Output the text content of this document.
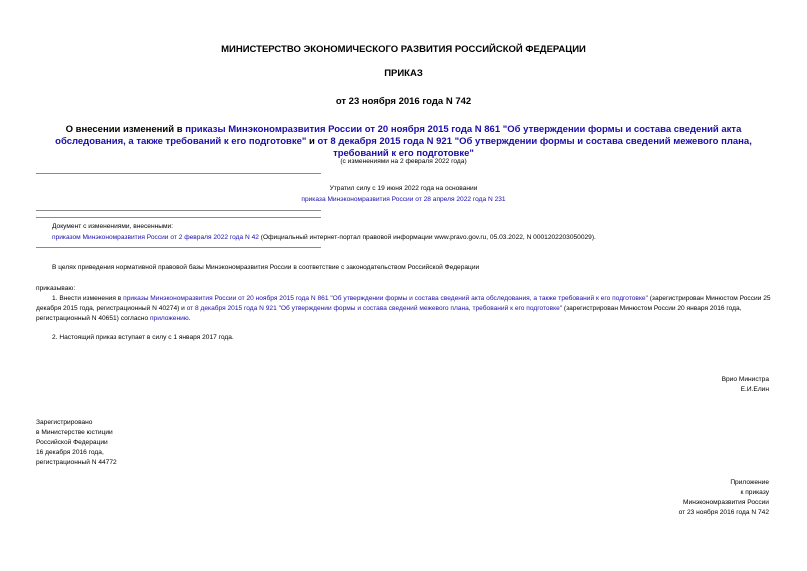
МИНИСТЕРСТВО ЭКОНОМИЧЕСКОГО РАЗВИТИЯ РОССИЙСКОЙ ФЕДЕРАЦИИ
ПРИКАЗ
от 23 ноября 2016 года N 742
О внесении изменений в приказы Минэкономразвития России от 20 ноября 2015 года N 861 "Об утверждении формы и состава сведений акта обследования, а также требований к его подготовке" и от 8 декабря 2015 года N 921 "Об утверждении формы и состава сведений межевого плана, требований к его подготовке"
(с изменениями на 2 февраля 2022 года)
Утратил силу с 19 июня 2022 года на основании
приказа Минэкономразвития России от 28 апреля 2022 года N 231
Документ с изменениями, внесенными:
приказом Минэкономразвития России от 2 февраля 2022 года N 42 (Официальный интернет-портал правовой информации www.pravo.gov.ru, 05.03.2022, N 0001202203050029).
В целях приведения нормативной правовой базы Минэкономразвития России в соответствие с законодательством Российской Федерации
приказываю:
1. Внести изменения в приказы Минэкономразвития России от 20 ноября 2015 года N 861 "Об утверждении формы и состава сведений акта обследования, а также требований к его подготовке" (зарегистрирован Минюстом России 25 декабря 2015 года, регистрационный N 40274) и от 8 декабря 2015 года N 921 "Об утверждении формы и состава сведений межевого плана, требований к его подготовке" (зарегистрирован Минюстом России 20 января 2016 года, регистрационный N 40651) согласно приложению.
2. Настоящий приказ вступает в силу с 1 января 2017 года.
Врио Министра
Е.И.Елин
Зарегистрировано
в Министерстве юстиции
Российской Федерации
16 декабря 2016 года,
регистрационный N 44772
Приложение
к приказу
Минэкономразвития России
от 23 ноября 2016 года N 742
